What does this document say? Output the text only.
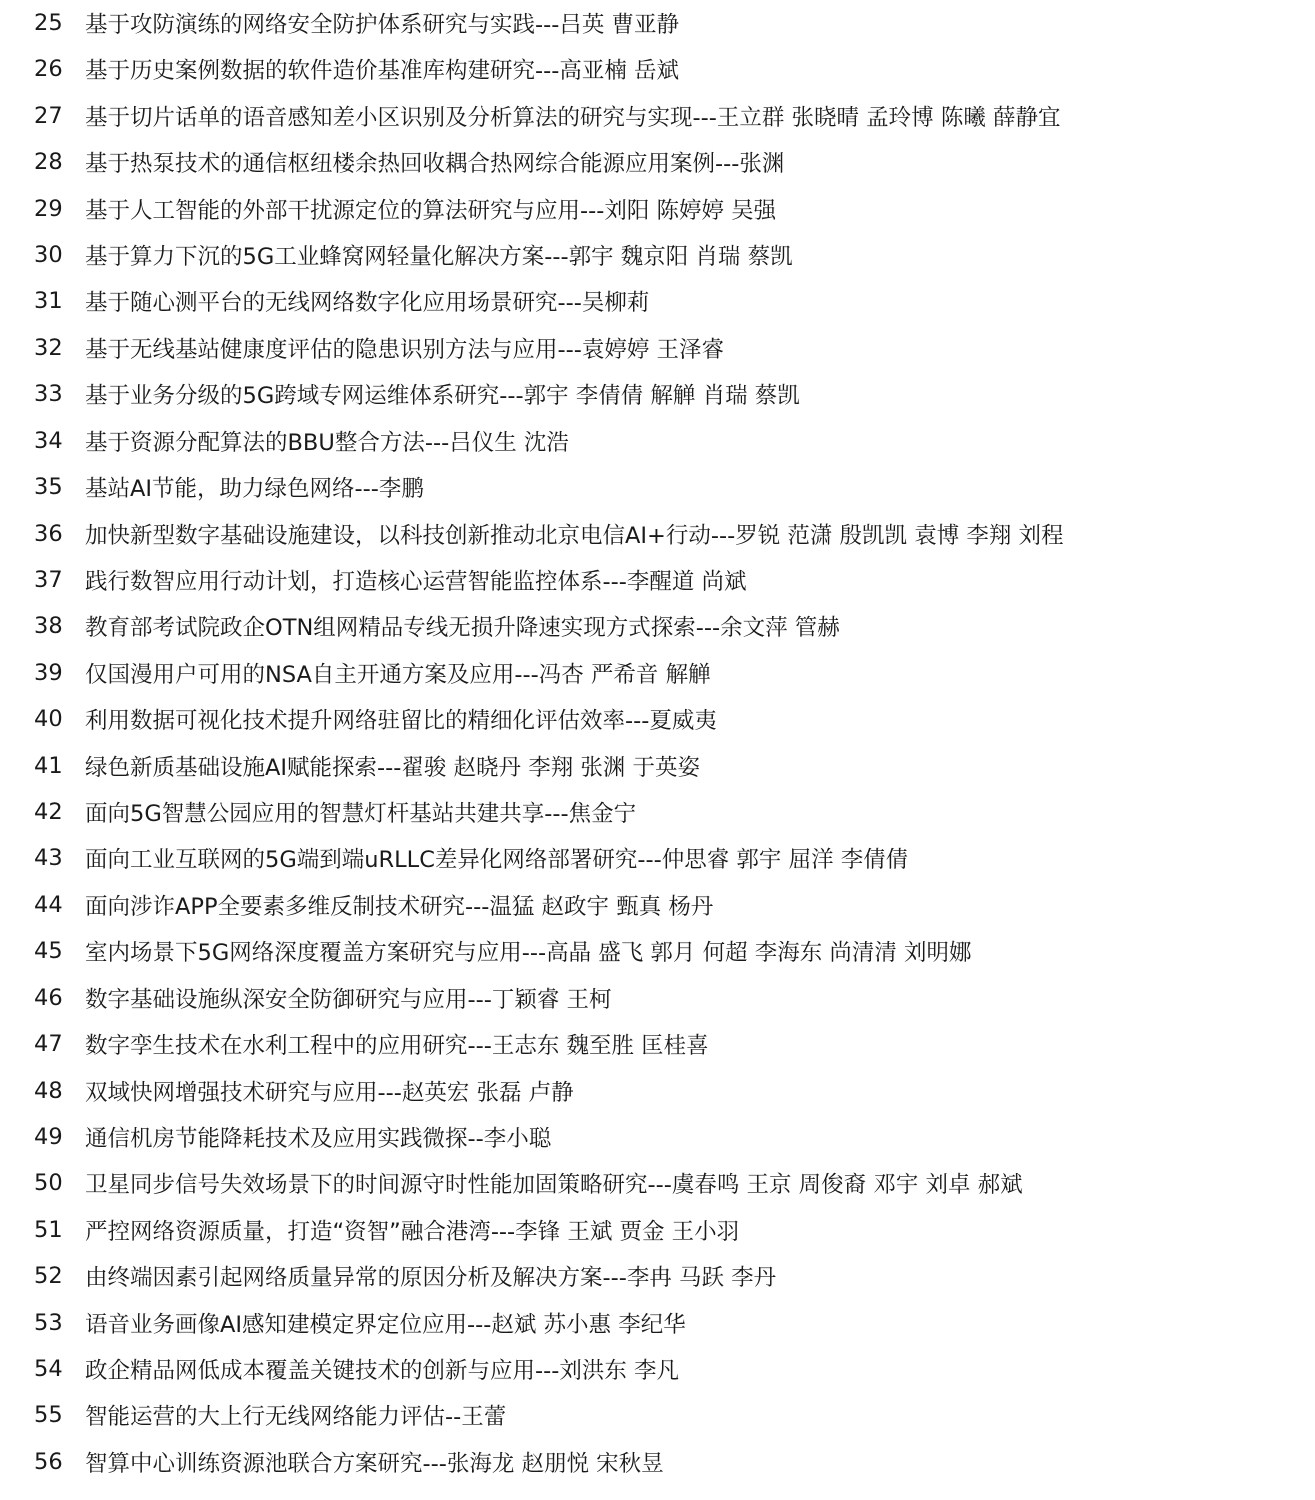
25 基于攻防演练的网络安全防护体系研究与实践---吕英 曹亚静
26 基于历史案例数据的软件造价基准库构建研究---高亚楠 岳斌
27 基于切片话单的语音感知差小区识别及分析算法的研究与实现---王立群 张晓晴 孟玲博 陈曦 薛静宜
28 基于热泵技术的通信枢纽楼余热回收耦合热网综合能源应用案例---张渊
29 基于人工智能的外部干扰源定位的算法研究与应用---刘阳 陈婷婷 吴强
30 基于算力下沉的5G工业蜂窝网轻量化解决方案---郭宇 魏京阳 肖瑞 蔡凯
31 基于随心测平台的无线网络数字化应用场景研究---吴柳莉
32 基于无线基站健康度评估的隐患识别方法与应用---袁婷婷 王泽睿
33 基于业务分级的5G跨域专网运维体系研究---郭宇 李倩倩 解觯 肖瑞 蔡凯
34 基于资源分配算法的BBU整合方法---吕仪生 沈浩
35 基站AI节能，助力绿色网络---李鹏
36 加快新型数字基础设施建设，以科技创新推动北京电信AI+行动---罗锐 范潇 殷凯凯 袁博 李翔 刘程
37 践行数智应用行动计划，打造核心运营智能监控体系---李醒道 尚斌
38 教育部考试院政企OTN组网精品专线无损升降速实现方式探索---余文萍 管赫
39 仅国漫用户可用的NSA自主开通方案及应用---冯杏 严希音 解觯
40 利用数据可视化技术提升网络驻留比的精细化评估效率---夏威夷
41 绿色新质基础设施AI赋能探索---翟骏 赵晓丹 李翔 张渊 于英姿
42 面向5G智慧公园应用的智慧灯杆基站共建共享---焦金宁
43 面向工业互联网的5G端到端uRLLC差异化网络部署研究---仲思睿 郭宇 屈洋 李倩倩
44 面向涉诈APP全要素多维反制技术研究---温猛 赵政宇 甄真 杨丹
45 室内场景下5G网络深度覆盖方案研究与应用---高晶 盛飞 郭月 何超 李海东 尚清清 刘明娜
46 数字基础设施纵深安全防御研究与应用---丁颖睿 王柯
47 数字孪生技术在水利工程中的应用研究---王志东 魏至胜 匡桂喜
48 双域快网增强技术研究与应用---赵英宏 张磊 卢静
49 通信机房节能降耗技术及应用实践微探--李小聪
50 卫星同步信号失效场景下的时间源守时性能加固策略研究---虞春鸣 王京 周俊裔 邓宇 刘卓 郝斌
51 严控网络资源质量，打造“资智”融合港湾---李锋 王斌 贾金 王小羽
52 由终端因素引起网络质量异常的原因分析及解决方案---李冉 马跃 李丹
53 语音业务画像AI感知建模定界定位应用---赵斌 苏小惠 李纪华
54 政企精品网低成本覆盖关键技术的创新与应用---刘洪东 李凡
55 智能运营的大上行无线网络能力评估--王蕾
56 智算中心训练资源池联合方案研究---张海龙 赵朋悦 宋秋昱
